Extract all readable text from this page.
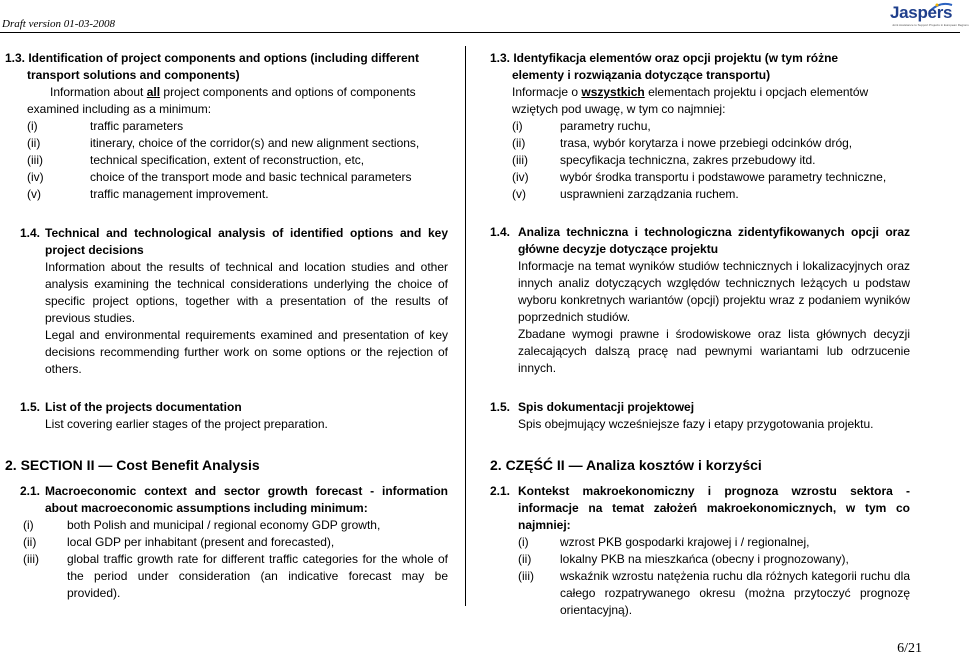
Draft version 01-03-2008
Jaspers
Joint Assistance to Support Projects in European Regions
1.3. Identification of project components and options (including different
transport solutions and components)
Information about all project components and options of components
examined including as a minimum:
(i)	traffic parameters
(ii)	itinerary, choice of the corridor(s) and new alignment sections,
(iii)	technical specification, extent of reconstruction, etc,
(iv)	choice of the transport mode and basic technical parameters
(v)	traffic management improvement.
1.4. Technical and technological analysis of identified options and key project decisions

Information about the results of technical and location studies and other analysis examining the technical considerations underlying the choice of specific project options, together with a presentation of the results of previous studies.

Legal and environmental requirements examined and presentation of key decisions recommending further work on some options or the rejection of others.

1.5. List of the projects documentation
List covering earlier stages of the project preparation.
2. SECTION II — Cost Benefit Analysis
2.1. Macroeconomic context and sector growth forecast - information about macroeconomic assumptions including minimum:
(i)	both Polish and municipal / regional economy GDP growth,
(ii)	local GDP per inhabitant (present and forecasted),
(iii) global traffic growth rate for different traffic categories for the whole of the period under consideration (an indicative forecast may be provided).
1.3. Identyfikacja elementów oraz opcji projektu (w tym różne
elementy i rozwiązania dotyczące transportu)
Informacje o wszystkich elementach projektu i opcjach elementów
wziętych pod uwagę, w tym co najmniej:
(i)	parametry ruchu,
(ii)	trasa, wybór korytarza i nowe przebiegi odcinków dróg,
(iii)	specyfikacja techniczna, zakres przebudowy itd.
(iv)	wybór środka transportu i podstawowe parametry techniczne,
(v)	usprawnieni zarządzania ruchem.
1.4. Analiza techniczna i technologiczna zidentyfikowanych opcji oraz główne decyzje dotyczące projektu

Informacje na temat wyników studiów technicznych i lokalizacyjnych oraz innych analiz dotyczących względów technicznych leżących u podstaw wyboru konkretnych wariantów (opcji) projektu wraz z podaniem wyników poprzednich studiów.

Zbadane wymogi prawne i środowiskowe oraz lista głównych decyzji zalecających dalszą pracę nad pewnymi wariantami lub odrzucenie innych.

1.5. Spis dokumentacji projektowej
Spis obejmujący wcześniejsze fazy i etapy przygotowania projektu.
2. CZĘŚĆ II — Analiza kosztów i korzyści
2.1. Kontekst makroekonomiczny i prognoza wzrostu sektora - informacje na temat założeń makroekonomicznych, w tym co najmniej:
(i)	wzrost PKB gospodarki krajowej i / regionalnej,
(ii) lokalny PKB na mieszkańca (obecny i prognozowany),
(iii) wskaźnik wzrostu natężenia ruchu dla różnych kategorii ruchu dla całego rozpatrywanego okresu (można przytoczyć prognozę orientacyjną).
6/21
